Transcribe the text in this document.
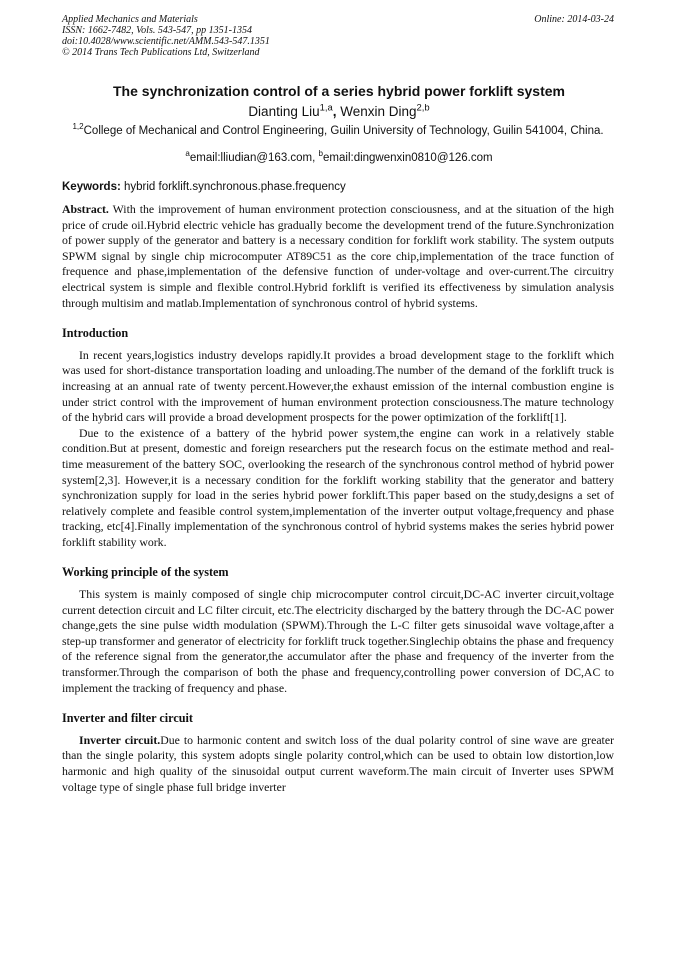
Applied Mechanics and Materials
ISSN: 1662-7482, Vols. 543-547, pp 1351-1354
doi:10.4028/www.scientific.net/AMM.543-547.1351
© 2014 Trans Tech Publications Ltd, Switzerland
Online: 2014-03-24
The synchronization control of a series hybrid power forklift system
Dianting Liu$^{1,a}$, Wenxin Ding$^{2,b}$
$^{1,2}$College of Mechanical and Control Engineering, Guilin University of Technology, Guilin 541004, China.
$^a$email:lliudian@163.com, $^b$email:dingwenxin0810@126.com
Keywords: hybrid forklift.synchronous.phase.frequency

Abstract. With the improvement of human environment protection consciousness, and at the situation of the high price of crude oil.Hybrid electric vehicle has gradually become the development trend of the future.Synchronization of power supply of the generator and battery is a necessary condition for forklift work stability. The system outputs SPWM signal by single chip microcomputer AT89C51 as the core chip,implementation of the trace function of frequence and phase,implementation of the defensive function of under-voltage and over-current.The circuitry electrical system is simple and flexible control.Hybrid forklift is verified its effectiveness by simulation analysis through multisim and matlab.Implementation of synchronous control of hybrid systems.

Introduction

In recent years,logistics industry develops rapidly.It provides a broad development stage to the forklift which was used for short-distance transportation loading and unloading.The number of the demand of the forklift truck is increasing at an annual rate of twenty percent.However,the exhaust emission of the internal combustion engine is under strict control with the improvement of human environment protection consciousness.The mature technology of the hybrid cars will provide a broad development prospects for the power optimization of the forklift[1].

Due to the existence of a battery of the hybrid power system,the engine can work in a relatively stable condition.But at present, domestic and foreign researchers put the research focus on the estimate method and real-time measurement of the battery SOC, overlooking the research of the synchronous control method of hybrid power system[2,3]. However,it is a necessary condition for the forklift working stability that the generator and battery synchronization supply for load in the series hybrid power forklift.This paper based on the study,designs a set of relatively complete and feasible control system,implementation of the inverter output voltage,frequency and phase tracking, etc[4].Finally implementation of the synchronous control of hybrid systems makes the series hybrid power forklift stability work.

Working principle of the system

This system is mainly composed of single chip microcomputer control circuit,DC-AC inverter circuit,voltage current detection circuit and LC filter circuit, etc.The electricity discharged by the battery through the DC-AC power change,gets the sine pulse width modulation (SPWM).Through the L-C filter gets sinusoidal wave voltage,after a step-up transformer and generator of electricity for forklift truck together.Singlechip obtains the phase and frequency of the reference signal from the generator,the accumulator after the phase and frequency of the inverter from the transformer.Through the comparison of both the phase and frequency,controlling power conversion of DC,AC to implement the tracking of frequency and phase.

Inverter and filter circuit

Inverter circuit.Due to harmonic content and switch loss of the dual polarity control of sine wave are greater than the single polarity, this system adopts single polarity control,which can be used to obtain low distortion,low harmonic and high quality of the sinusoidal output current waveform.The main circuit of Inverter uses SPWM voltage type of single phase full bridge inverter
